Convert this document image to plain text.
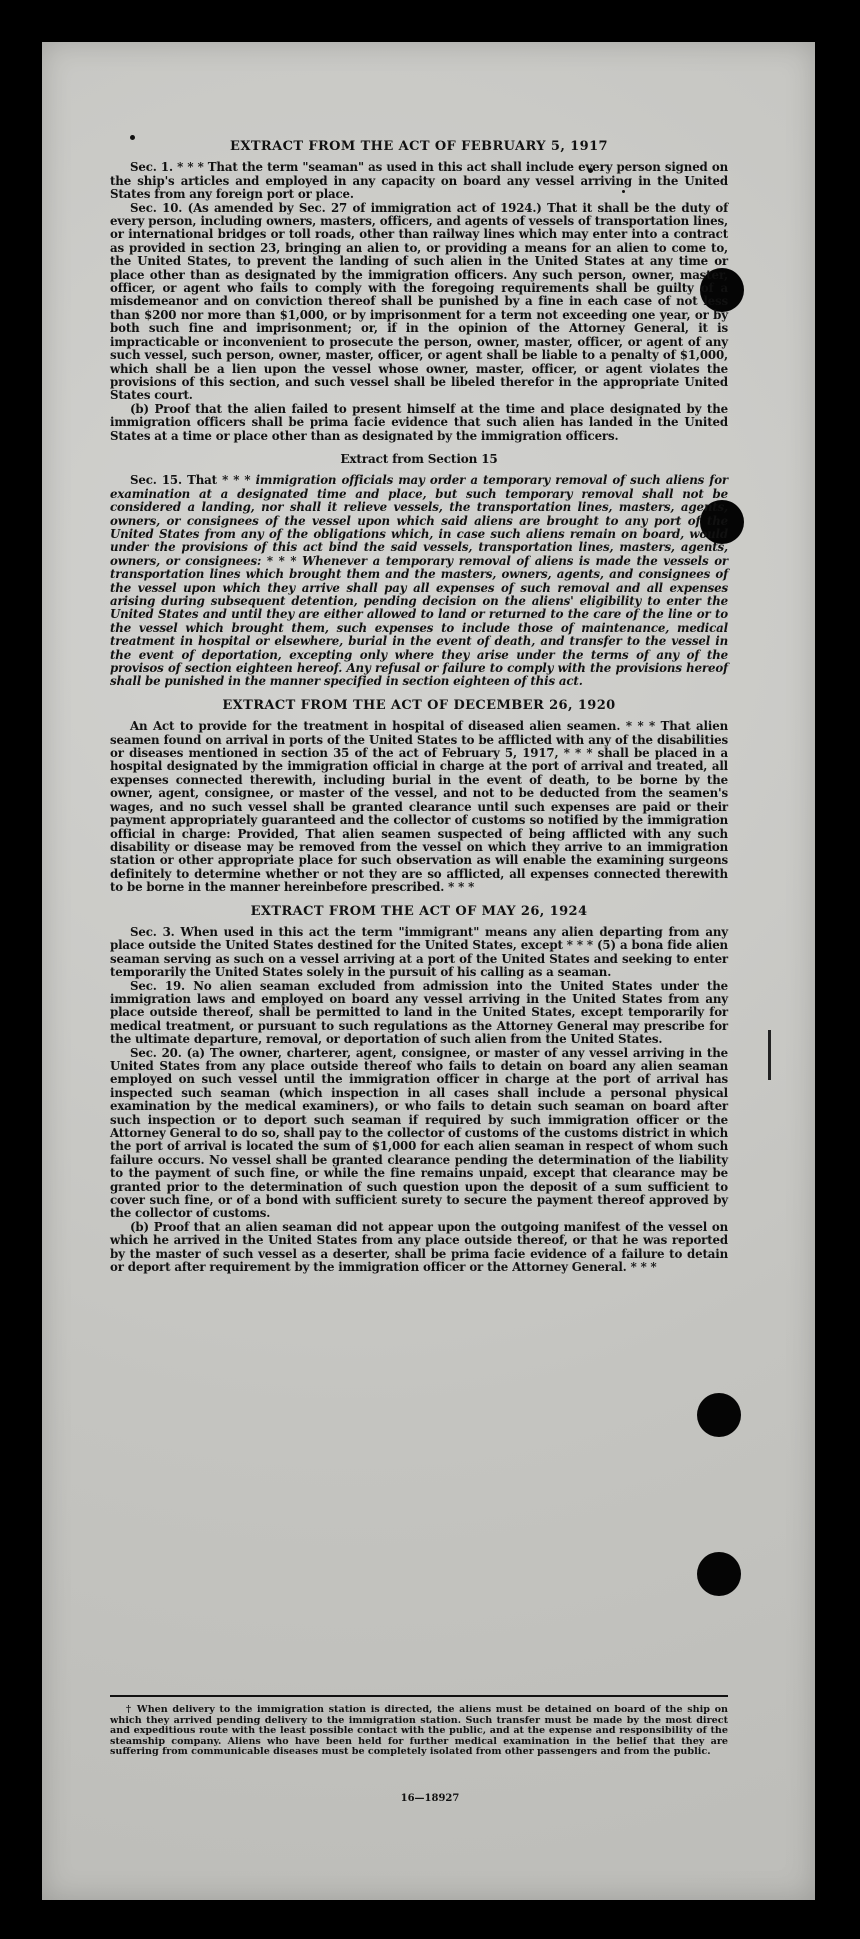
EXTRACT FROM THE ACT OF FEBRUARY 5, 1917

Sec. 1. * * * That the term "seaman" as used in this act shall include every person signed on the ship's articles and employed in any capacity on board any vessel arriving in the United States from any foreign port or place.

Sec. 10. (As amended by Sec. 27 of immigration act of 1924.) That it shall be the duty of every person, including owners, masters, officers, and agents of vessels of transportation lines, or international bridges or toll roads, other than railway lines which may enter into a contract as provided in section 23, bringing an alien to, or providing a means for an alien to come to, the United States, to prevent the landing of such alien in the United States at any time or place other than as designated by the immigration officers. Any such person, owner, master, officer, or agent who fails to comply with the foregoing requirements shall be guilty of a misdemeanor and on conviction thereof shall be punished by a fine in each case of not less than $200 nor more than $1,000, or by imprisonment for a term not exceeding one year, or by both such fine and imprisonment; or, if in the opinion of the Attorney General, it is impracticable or inconvenient to prosecute the person, owner, master, officer, or agent of any such vessel, such person, owner, master, officer, or agent shall be liable to a penalty of $1,000, which shall be a lien upon the vessel whose owner, master, officer, or agent violates the provisions of this section, and such vessel shall be libeled therefor in the appropriate United States court.

(b) Proof that the alien failed to present himself at the time and place designated by the immigration officers shall be prima facie evidence that such alien has landed in the United States at a time or place other than as designated by the immigration officers.

Extract from Section 15

Sec. 15. That * * * immigration officials may order a temporary removal of such aliens for examination at a designated time and place, but such temporary removal shall not be considered a landing, nor shall it relieve vessels, the transportation lines, masters, agents, owners, or consignees of the vessel upon which said aliens are brought to any port of the United States from any of the obligations which, in case such aliens remain on board, would under the provisions of this act bind the said vessels, transportation lines, masters, agents, owners, or consignees: * * * Whenever a temporary removal of aliens is made the vessels or transportation lines which brought them and the masters, owners, agents, and consignees of the vessel upon which they arrive shall pay all expenses of such removal and all expenses arising during subsequent detention, pending decision on the aliens' eligibility to enter the United States and until they are either allowed to land or returned to the care of the line or to the vessel which brought them, such expenses to include those of maintenance, medical treatment in hospital or elsewhere, burial in the event of death, and transfer to the vessel in the event of deportation, excepting only where they arise under the terms of any of the provisos of section eighteen hereof. Any refusal or failure to comply with the provisions hereof shall be punished in the manner specified in section eighteen of this act.

EXTRACT FROM THE ACT OF DECEMBER 26, 1920

An Act to provide for the treatment in hospital of diseased alien seamen. * * * That alien seamen found on arrival in ports of the United States to be afflicted with any of the disabilities or diseases mentioned in section 35 of the act of February 5, 1917, * * * shall be placed in a hospital designated by the immigration official in charge at the port of arrival and treated, all expenses connected therewith, including burial in the event of death, to be borne by the owner, agent, consignee, or master of the vessel, and not to be deducted from the seamen's wages, and no such vessel shall be granted clearance until such expenses are paid or their payment appropriately guaranteed and the collector of customs so notified by the immigration official in charge: Provided, That alien seamen suspected of being afflicted with any such disability or disease may be removed from the vessel on which they arrive to an immigration station or other appropriate place for such observation as will enable the examining surgeons definitely to determine whether or not they are so afflicted, all expenses connected therewith to be borne in the manner hereinbefore prescribed. * * *

EXTRACT FROM THE ACT OF MAY 26, 1924

Sec. 3. When used in this act the term "immigrant" means any alien departing from any place outside the United States destined for the United States, except * * * (5) a bona fide alien seaman serving as such on a vessel arriving at a port of the United States and seeking to enter temporarily the United States solely in the pursuit of his calling as a seaman.

Sec. 19. No alien seaman excluded from admission into the United States under the immigration laws and employed on board any vessel arriving in the United States from any place outside thereof, shall be permitted to land in the United States, except temporarily for medical treatment, or pursuant to such regulations as the Attorney General may prescribe for the ultimate departure, removal, or deportation of such alien from the United States.

Sec. 20. (a) The owner, charterer, agent, consignee, or master of any vessel arriving in the United States from any place outside thereof who fails to detain on board any alien seaman employed on such vessel until the immigration officer in charge at the port of arrival has inspected such seaman (which inspection in all cases shall include a personal physical examination by the medical examiners), or who fails to detain such seaman on board after such inspection or to deport such seaman if required by such immigration officer or the Attorney General to do so, shall pay to the collector of customs of the customs district in which the port of arrival is located the sum of $1,000 for each alien seaman in respect of whom such failure occurs. No vessel shall be granted clearance pending the determination of the liability to the payment of such fine, or while the fine remains unpaid, except that clearance may be granted prior to the determination of such question upon the deposit of a sum sufficient to cover such fine, or of a bond with sufficient surety to secure the payment thereof approved by the collector of customs.

(b) Proof that an alien seaman did not appear upon the outgoing manifest of the vessel on which he arrived in the United States from any place outside thereof, or that he was reported by the master of such vessel as a deserter, shall be prima facie evidence of a failure to detain or deport after requirement by the immigration officer or the Attorney General. * * *

† When delivery to the immigration station is directed, the aliens must be detained on board of the ship on which they arrived pending delivery to the immigration station. Such transfer must be made by the most direct and expeditious route with the least possible contact with the public, and at the expense and responsibility of the steamship company. Aliens who have been held for further medical examination in the belief that they are suffering from communicable diseases must be completely isolated from other passengers and from the public.
16—18927
